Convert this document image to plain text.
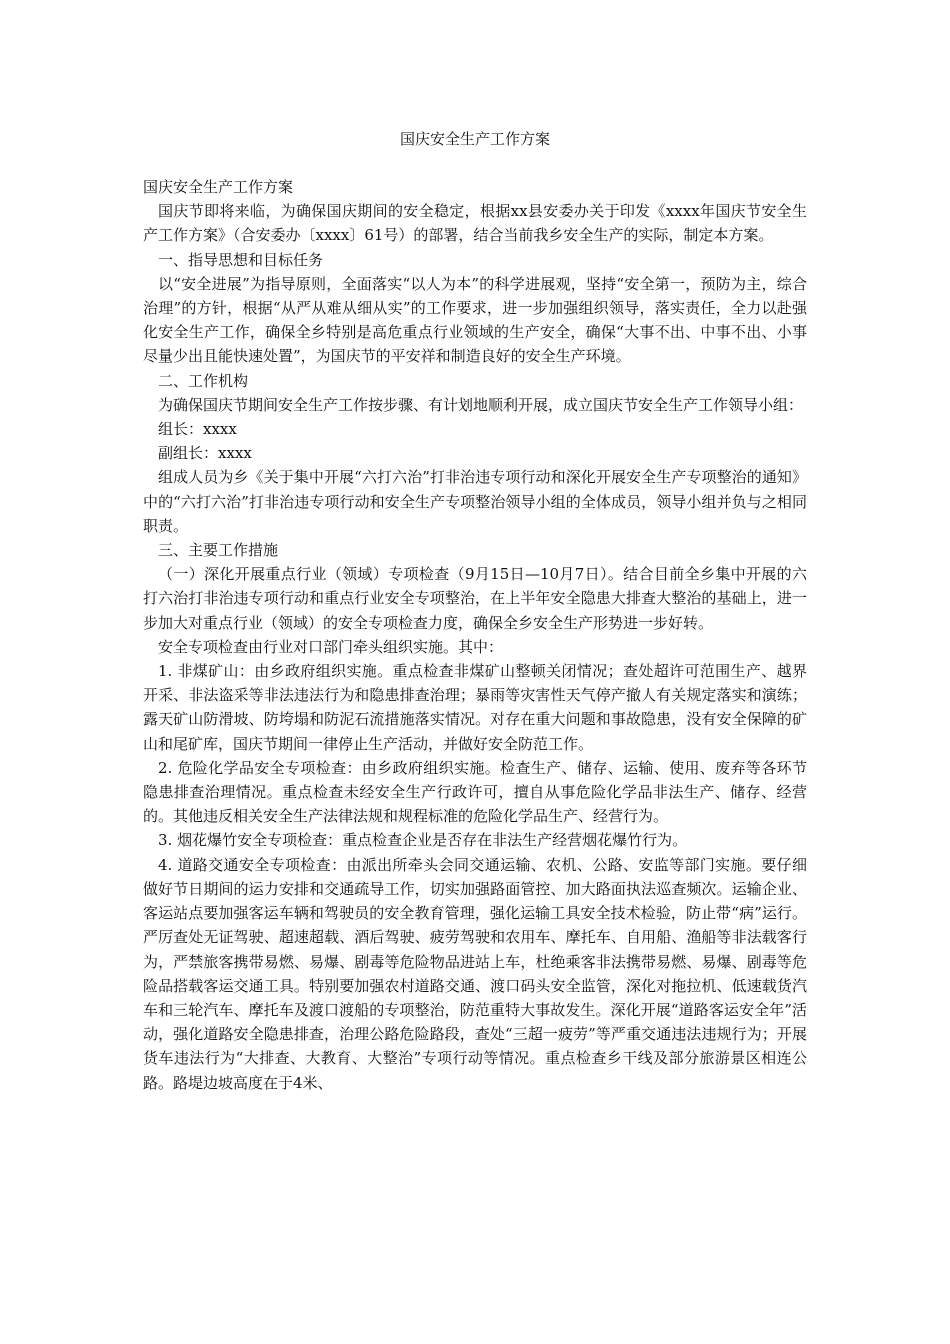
国庆安全生产工作方案

国庆安全生产工作方案

国庆节即将来临，为确保国庆期间的安全稳定，根据xx县安委办关于印发《xxxx年国庆节安全生产工作方案》（合安委办〔xxxx〕61号）的部署，结合当前我乡安全生产的实际，制定本方案。

一、指导思想和目标任务

以“安全进展”为指导原则，全面落实“以人为本”的科学进展观，坚持“安全第一，预防为主，综合治理”的方针，根据“从严从难从细从实”的工作要求，进一步加强组织领导，落实责任，全力以赴强化安全生产工作，确保全乡特别是高危重点行业领域的生产安全，确保“大事不出、中事不出、小事尽量少出且能快速处置”，为国庆节的平安祥和制造良好的安全生产环境。

二、工作机构

为确保国庆节期间安全生产工作按步骤、有计划地顺利开展，成立国庆节安全生产工作领导小组：

组长：xxxx

副组长：xxxx

组成人员为乡《关于集中开展“六打六治”打非治违专项行动和深化开展安全生产专项整治的通知》中的“六打六治”打非治违专项行动和安全生产专项整治领导小组的全体成员，领导小组并负与之相同职责。

三、主要工作措施

（一）深化开展重点行业（领域）专项检查（9月15日—10月7日）。结合目前全乡集中开展的六打六治打非治违专项行动和重点行业安全专项整治，在上半年安全隐患大排查大整治的基础上，进一步加大对重点行业（领域）的安全专项检查力度，确保全乡安全生产形势进一步好转。

安全专项检查由行业对口部门牵头组织实施。其中：

1. 非煤矿山：由乡政府组织实施。重点检查非煤矿山整顿关闭情况；查处超许可范围生产、越界开采、非法盗采等非法违法行为和隐患排查治理；暴雨等灾害性天气停产撤人有关规定落实和演练；露天矿山防滑坡、防垮塌和防泥石流措施落实情况。对存在重大问题和事故隐患，没有安全保障的矿山和尾矿库，国庆节期间一律停止生产活动，并做好安全防范工作。

2. 危险化学品安全专项检查：由乡政府组织实施。检查生产、储存、运输、使用、废弃等各环节隐患排查治理情况。重点检查未经安全生产行政许可，擅自从事危险化学品非法生产、储存、经营的。其他违反相关安全生产法律法规和规程标准的危险化学品生产、经营行为。

3. 烟花爆竹安全专项检查：重点检查企业是否存在非法生产经营烟花爆竹行为。

4. 道路交通安全专项检查：由派出所牵头会同交通运输、农机、公路、安监等部门实施。要仔细做好节日期间的运力安排和交通疏导工作，切实加强路面管控、加大路面执法巡查频次。运输企业、客运站点要加强客运车辆和驾驶员的安全教育管理，强化运输工具安全技术检验，防止带“病”运行。严厉查处无证驾驶、超速超载、酒后驾驶、疲劳驾驶和农用车、摩托车、自用船、渔船等非法载客行为，严禁旅客携带易燃、易爆、剧毒等危险物品进站上车，杜绝乘客非法携带易燃、易爆、剧毒等危险品搭载客运交通工具。特别要加强农村道路交通、渡口码头安全监管，深化对拖拉机、低速载货汽车和三轮汽车、摩托车及渡口渡船的专项整治，防范重特大事故发生。深化开展“道路客运安全年”活动，强化道路安全隐患排查，治理公路危险路段，查处“三超一疲劳”等严重交通违法违规行为；开展货车违法行为“大排查、大教育、大整治”专项行动等情况。重点检查乡干线及部分旅游景区相连公路。路堤边坡高度在于4米、
